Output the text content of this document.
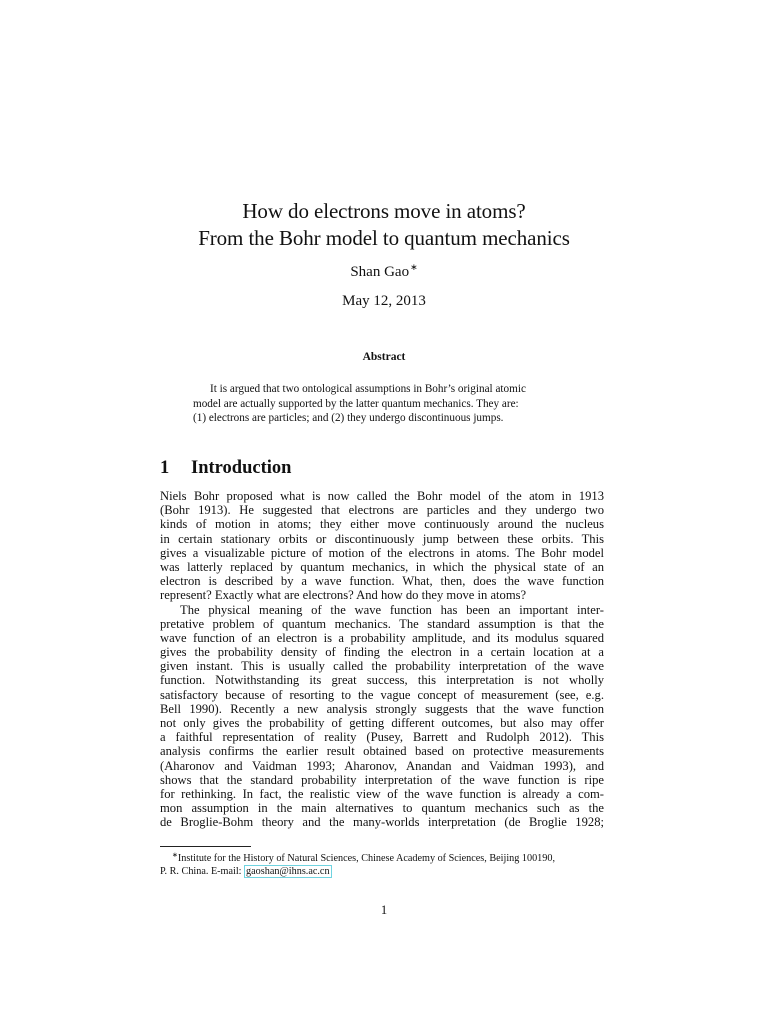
How do electrons move in atoms?
From the Bohr model to quantum mechanics
Shan Gao∗
May 12, 2013
Abstract
It is argued that two ontological assumptions in Bohr’s original atomic
model are actually supported by the latter quantum mechanics. They are:
(1) electrons are particles; and (2) they undergo discontinuous jumps.
1 Introduction
Niels Bohr proposed what is now called the Bohr model of the atom in 1913
(Bohr 1913). He suggested that electrons are particles and they undergo two
kinds of motion in atoms; they either move continuously around the nucleus
in certain stationary orbits or discontinuously jump between these orbits. This
gives a visualizable picture of motion of the electrons in atoms. The Bohr model
was latterly replaced by quantum mechanics, in which the physical state of an
electron is described by a wave function. What, then, does the wave function
represent? Exactly what are electrons? And how do they move in atoms?
The physical meaning of the wave function has been an important inter-
pretative problem of quantum mechanics. The standard assumption is that the
wave function of an electron is a probability amplitude, and its modulus squared
gives the probability density of finding the electron in a certain location at a
given instant. This is usually called the probability interpretation of the wave
function. Notwithstanding its great success, this interpretation is not wholly
satisfactory because of resorting to the vague concept of measurement (see, e.g.
Bell 1990). Recently a new analysis strongly suggests that the wave function
not only gives the probability of getting different outcomes, but also may offer
a faithful representation of reality (Pusey, Barrett and Rudolph 2012). This
analysis confirms the earlier result obtained based on protective measurements
(Aharonov and Vaidman 1993; Aharonov, Anandan and Vaidman 1993), and
shows that the standard probability interpretation of the wave function is ripe
for rethinking. In fact, the realistic view of the wave function is already a com-
mon assumption in the main alternatives to quantum mechanics such as the
de Broglie-Bohm theory and the many-worlds interpretation (de Broglie 1928;
∗Institute for the History of Natural Sciences, Chinese Academy of Sciences, Beijing 100190,
P. R. China. E-mail: gaoshan@ihns.ac.cn
1
